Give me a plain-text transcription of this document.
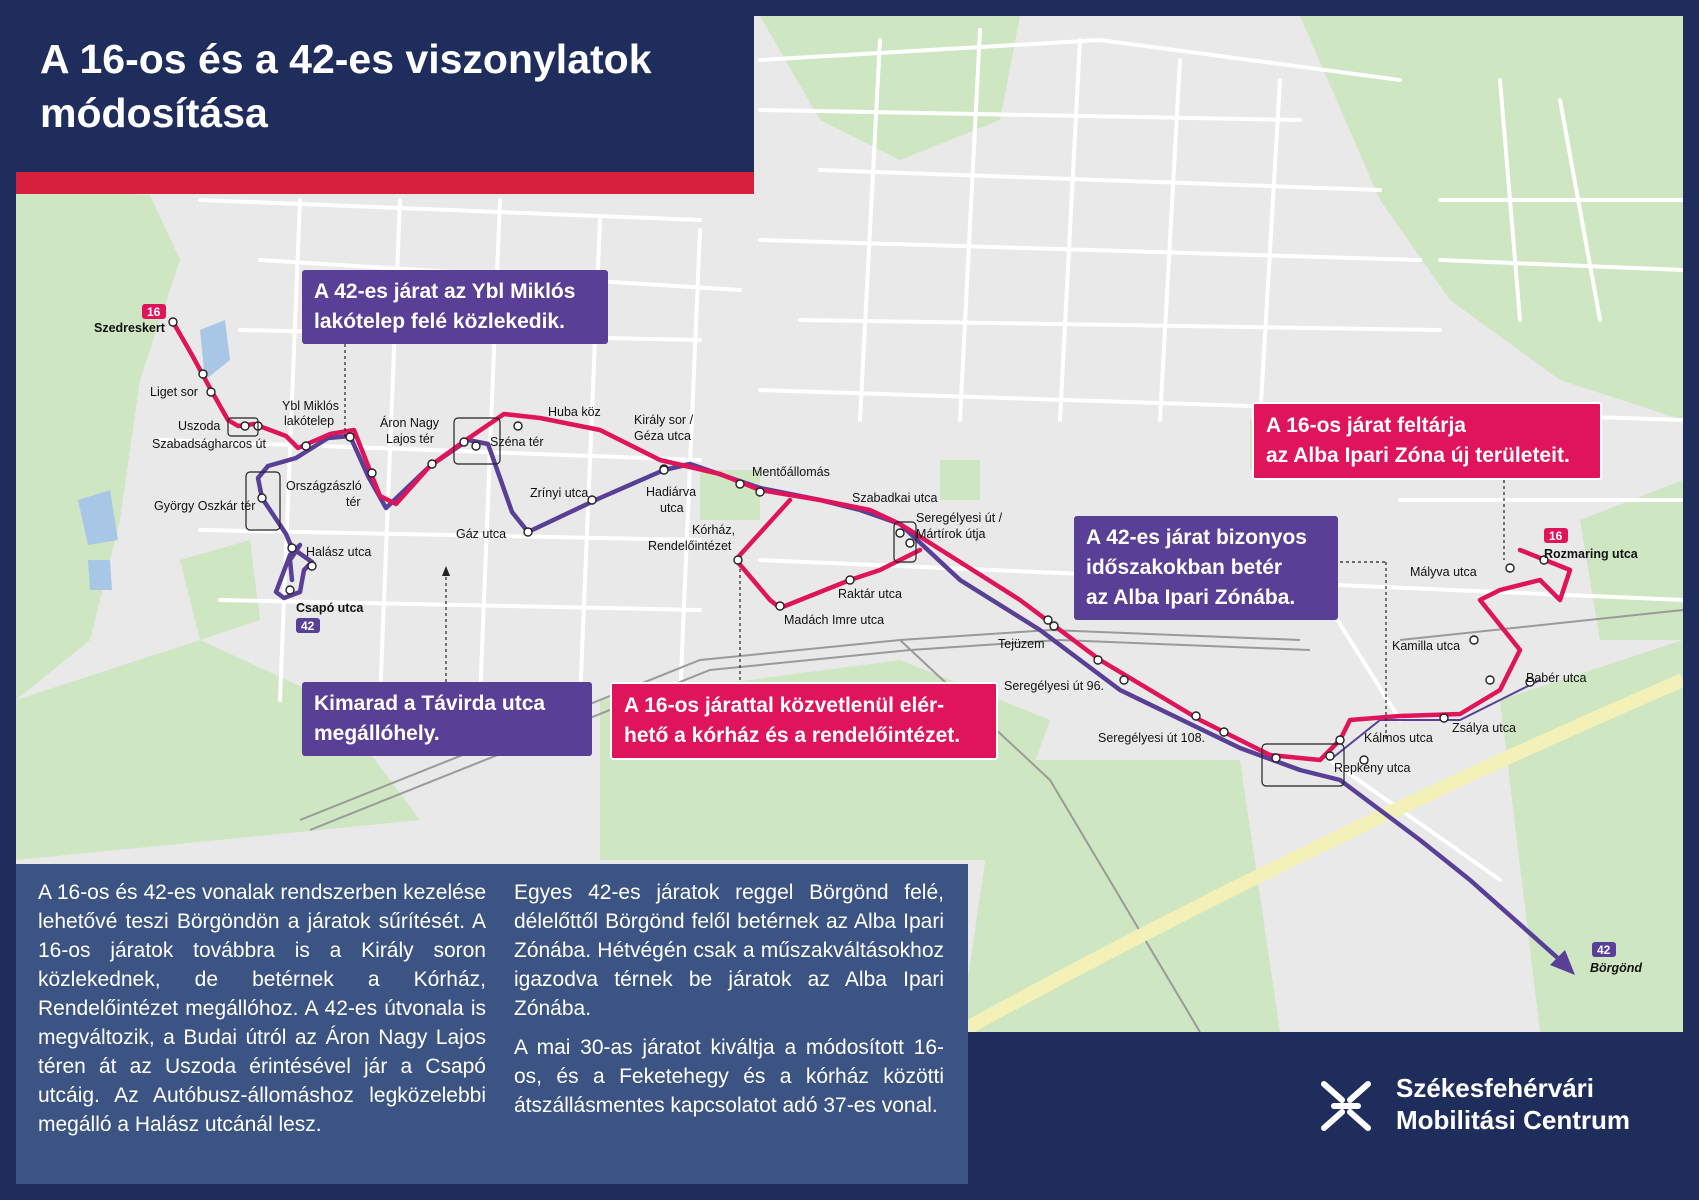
Szedreskert
Liget sor
Uszoda
Szabadságharcos út
Ybl Miklós
lakótelep	Áron Nagy
Lajos tér	Széna tér
Huba köz
Király sor /
Géza utca
Országzászló
tér
György Oszkár tér
Halász utca
Csapó utca
Zrínyi utca
Gáz utca
Hadiárva
utca
Kórház,
Rendelőintézet
Mentőállomás
Szabadkai utca
Seregélyesi út /
Mártírok útja
Raktár utca
Madách Imre utca
Tejüzem
Seregélyesi út 96.
Seregélyesi út 108.
Mályva utca
Rozmaring utca
Kamilla utca
Babér utca
Zsálya utca
Kálmos utca
Repkény utca
Börgönd
16
42
16
42
A 16-os és a 42-es viszonylatok
módosítása
A 42-es járat az Ybl Miklós
lakótelep felé közlekedik.
A 16-os járat feltárja
az Alba Ipari Zóna új területeit.
A 42-es járat bizonyos
időszakokban betér
az Alba Ipari Zónába.
Kimarad a Távirda utca
megállóhely.
A 16-os járattal közvetlenül elér-
hető a kórház és a rendelőintézet.
A 16-os és 42-es vonalak rendszerben kezelése lehetővé teszi Börgöndön a járatok sűrítését. A 16-os járatok továbbra is a Király soron közlekednek, de betérnek a Kórház, Rendelőintézet megállóhoz. A 42-es útvonala is megváltozik, a Budai útról az Áron Nagy Lajos téren át az Uszoda érintésével jár a Csapó utcáig. Az Autóbusz-állomáshoz legközelebbi megálló a Halász utcánál lesz.

Egyes 42-es járatok reggel Börgönd felé, délelőttől Börgönd felől betérnek az Alba Ipari Zónába. Hétvégén csak a műszakváltásokhoz igazodva térnek be járatok az Alba Ipari Zónába.

A mai 30-as járatot kiváltja a módosított 16-os, és a Feketehegy és a kórház közötti átszállásmentes kapcsolatot adó 37-es vonal.

Székesfehérvári
Mobilitási Centrum
